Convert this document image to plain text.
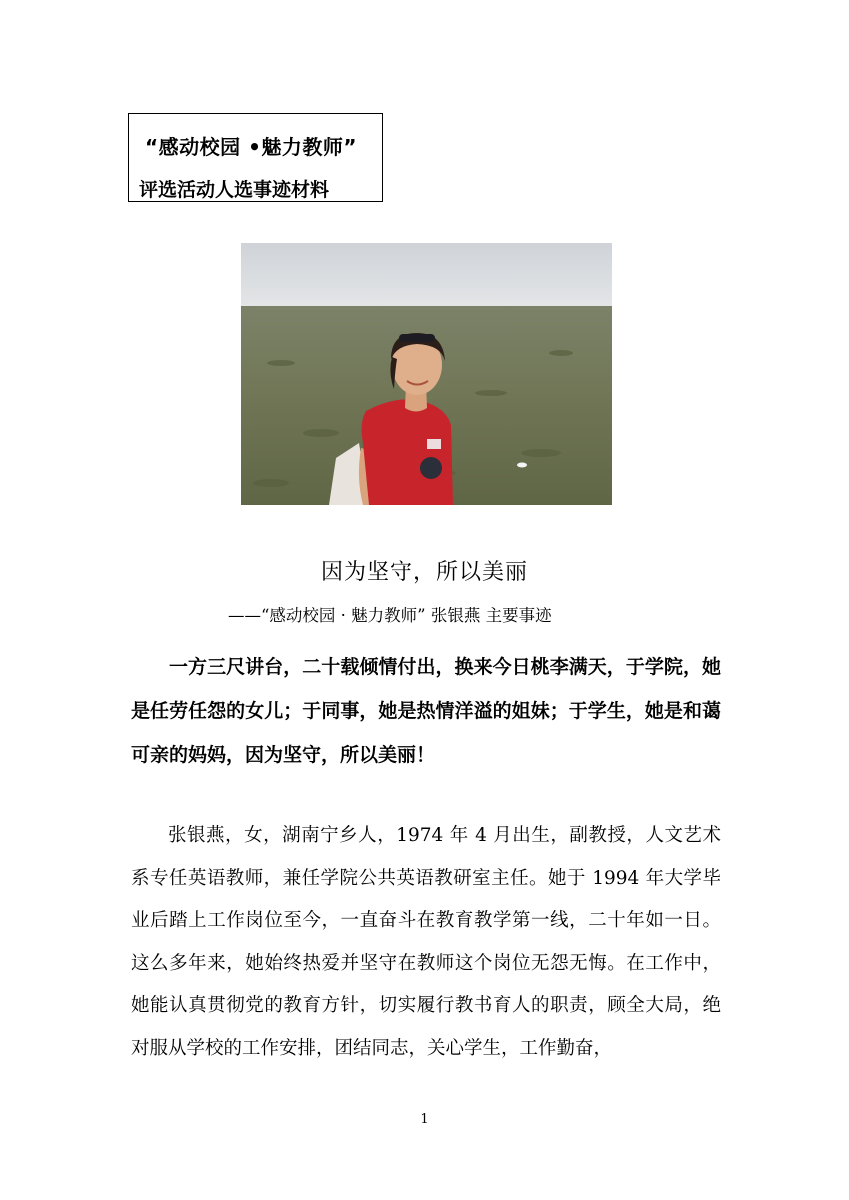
“感动校园 •魅力教师”
评选活动人选事迹材料
因为坚守，所以美丽
——“感动校园 · 魅力教师” 张银燕 主要事迹
一方三尺讲台，二十载倾情付出，换来今日桃李满天，于学院，她是任劳任怨的女儿；于同事，她是热情洋溢的姐妹；于学生，她是和蔼可亲的妈妈，因为坚守，所以美丽！
张银燕，女，湖南宁乡人，1974 年 4 月出生，副教授，人文艺术系专任英语教师，兼任学院公共英语教研室主任。她于 1994 年大学毕业后踏上工作岗位至今，一直奋斗在教育教学第一线，二十年如一日。这么多年来，她始终热爱并坚守在教师这个岗位无怨无悔。在工作中，她能认真贯彻党的教育方针，切实履行教书育人的职责，顾全大局，绝对服从学校的工作安排，团结同志，关心学生，工作勤奋，
1
